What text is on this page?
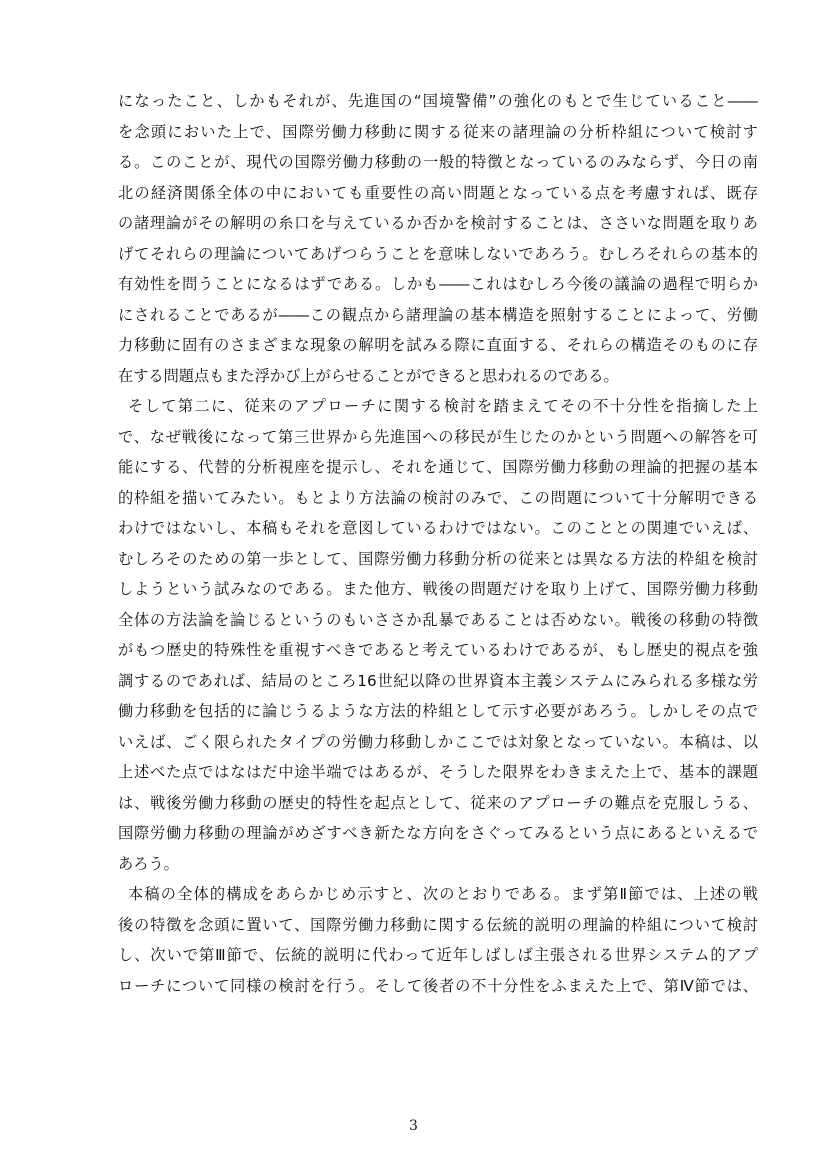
になったこと、しかもそれが、先進国の“国境警備”の強化のもとで生じていること――
を念頭においた上で、国際労働力移動に関する従来の諸理論の分析枠組について検討す
る。このことが、現代の国際労働力移動の一般的特徴となっているのみならず、今日の南
北の経済関係全体の中においても重要性の高い問題となっている点を考慮すれば、既存
の諸理論がその解明の糸口を与えているか否かを検討することは、ささいな問題を取りあ
げてそれらの理論についてあげつらうことを意味しないであろう。むしろそれらの基本的
有効性を問うことになるはずである。しかも――これはむしろ今後の議論の過程で明らか
にされることであるが――この観点から諸理論の基本構造を照射することによって、労働
力移動に固有のさまざまな現象の解明を試みる際に直面する、それらの構造そのものに存
在する問題点もまた浮かび上がらせることができると思われるのである。
そして第二に、従来のアプローチに関する検討を踏まえてその不十分性を指摘した上
で、なぜ戦後になって第三世界から先進国への移民が生じたのかという問題への解答を可
能にする、代替的分析視座を提示し、それを通じて、国際労働力移動の理論的把握の基本
的枠組を描いてみたい。もとより方法論の検討のみで、この問題について十分解明できる
わけではないし、本稿もそれを意図しているわけではない。このこととの関連でいえば、
むしろそのための第一歩として、国際労働力移動分析の従来とは異なる方法的枠組を検討
しようという試みなのである。また他方、戦後の問題だけを取り上げて、国際労働力移動
全体の方法論を論じるというのもいささか乱暴であることは否めない。戦後の移動の特徴
がもつ歴史的特殊性を重視すべきであると考えているわけであるが、もし歴史的視点を強
調するのであれば、結局のところ16世紀以降の世界資本主義システムにみられる多様な労
働力移動を包括的に論じうるような方法的枠組として示す必要があろう。しかしその点で
いえば、ごく限られたタイプの労働力移動しかここでは対象となっていない。本稿は、以
上述べた点ではなはだ中途半端ではあるが、そうした限界をわきまえた上で、基本的課題
は、戦後労働力移動の歴史的特性を起点として、従来のアプローチの難点を克服しうる、
国際労働力移動の理論がめざすべき新たな方向をさぐってみるという点にあるといえるで
あろう。
本稿の全体的構成をあらかじめ示すと、次のとおりである。まず第Ⅱ節では、上述の戦
後の特徴を念頭に置いて、国際労働力移動に関する伝統的説明の理論的枠組について検討
し、次いで第Ⅲ節で、伝統的説明に代わって近年しばしば主張される世界システム的アプ
ローチについて同様の検討を行う。そして後者の不十分性をふまえた上で、第Ⅳ節では、
3
